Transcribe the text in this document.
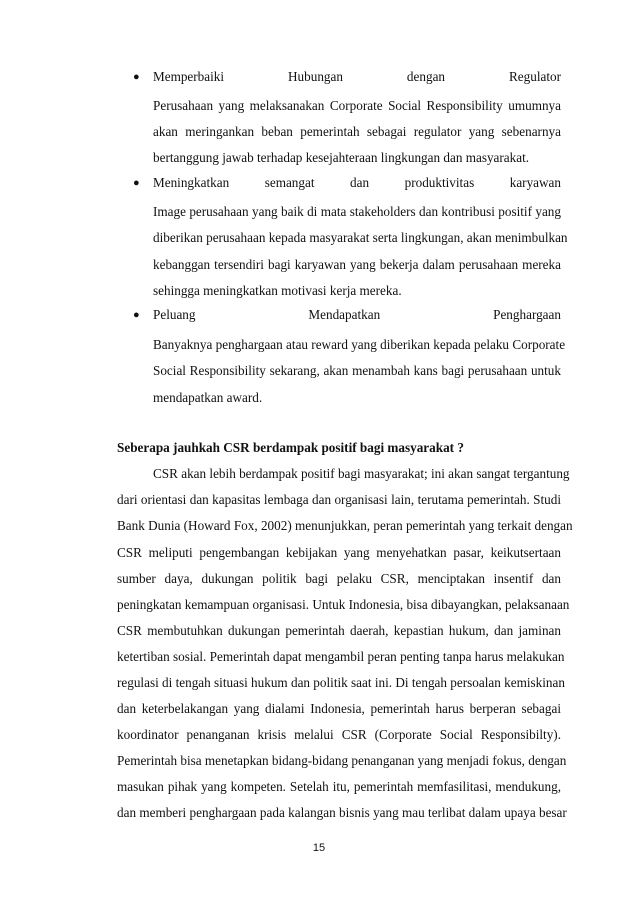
● Memperbaiki Hubungan dengan Regulator
Perusahaan yang melaksanakan Corporate Social Responsibility umumnya
akan meringankan beban pemerintah sebagai regulator yang sebenarnya
bertanggung jawab terhadap kesejahteraan lingkungan dan masyarakat.
● Meningkatkan semangat dan produktivitas karyawan
Image perusahaan yang baik di mata stakeholders dan kontribusi positif yang
diberikan perusahaan kepada masyarakat serta lingkungan, akan menimbulkan
kebanggan tersendiri bagi karyawan yang bekerja dalam perusahaan mereka
sehingga meningkatkan motivasi kerja mereka.
● Peluang Mendapatkan Penghargaan
Banyaknya penghargaan atau reward yang diberikan kepada pelaku Corporate
Social Responsibility sekarang, akan menambah kans bagi perusahaan untuk
mendapatkan award.
Seberapa jauhkah CSR berdampak positif bagi masyarakat ?
CSR akan lebih berdampak positif bagi masyarakat; ini akan sangat tergantung
dari orientasi dan kapasitas lembaga dan organisasi lain, terutama pemerintah. Studi
Bank Dunia (Howard Fox, 2002) menunjukkan, peran pemerintah yang terkait dengan
CSR meliputi pengembangan kebijakan yang menyehatkan pasar, keikutsertaan
sumber daya, dukungan politik bagi pelaku CSR, menciptakan insentif dan
peningkatan kemampuan organisasi. Untuk Indonesia, bisa dibayangkan, pelaksanaan
CSR membutuhkan dukungan pemerintah daerah, kepastian hukum, dan jaminan
ketertiban sosial. Pemerintah dapat mengambil peran penting tanpa harus melakukan
regulasi di tengah situasi hukum dan politik saat ini. Di tengah persoalan kemiskinan
dan keterbelakangan yang dialami Indonesia, pemerintah harus berperan sebagai
koordinator penanganan krisis melalui CSR (Corporate Social Responsibilty).
Pemerintah bisa menetapkan bidang-bidang penanganan yang menjadi fokus, dengan
masukan pihak yang kompeten. Setelah itu, pemerintah memfasilitasi, mendukung,
dan memberi penghargaan pada kalangan bisnis yang mau terlibat dalam upaya besar
15
